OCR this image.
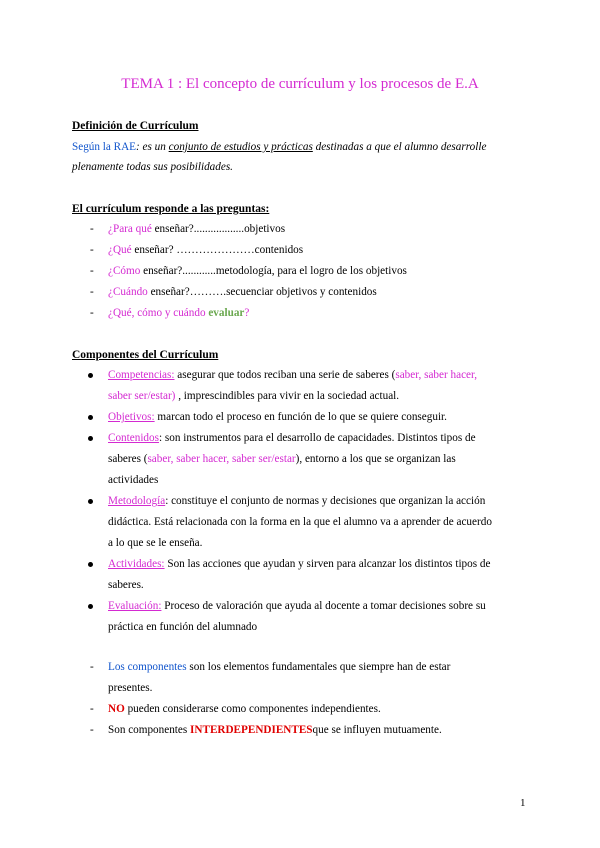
TEMA 1 : El concepto de currículum y los procesos de E.A
Definición de Currículum
Según la RAE: es un conjunto de estudios y prácticas destinadas a que el alumno desarrolle
plenamente todas sus posibilidades.
El currículum responde a las preguntas:
- ¿Para qué enseñar?..................objetivos
- ¿Qué enseñar? …………………contenidos
- ¿Cómo enseñar?............metodología, para el logro de los objetivos
- ¿Cuándo enseñar?……….secuenciar objetivos y contenidos
- ¿Qué, cómo y cuándo evaluar?
Componentes del Currículum
Competencias: asegurar que todos reciban una serie de saberes (saber, saber hacer,
saber ser/estar) , imprescindibles para vivir en la sociedad actual.
Objetivos: marcan todo el proceso en función de lo que se quiere conseguir.
Contenidos: son instrumentos para el desarrollo de capacidades. Distintos tipos de
saberes (saber, saber hacer, saber ser/estar), entorno a los que se organizan las
actividades
Metodología: constituye el conjunto de normas y decisiones que organizan la acción
didáctica. Está relacionada con la forma en la que el alumno va a aprender de acuerdo
a lo que se le enseña.
Actividades: Son las acciones que ayudan y sirven para alcanzar los distintos tipos de
saberes.
Evaluación: Proceso de valoración que ayuda al docente a tomar decisiones sobre su
práctica en función del alumnado
- Los componentes son los elementos fundamentales que siempre han de estar
presentes.
- NO pueden considerarse como componentes independientes.
- Son componentes INTERDEPENDIENTESque se influyen mutuamente.
1
